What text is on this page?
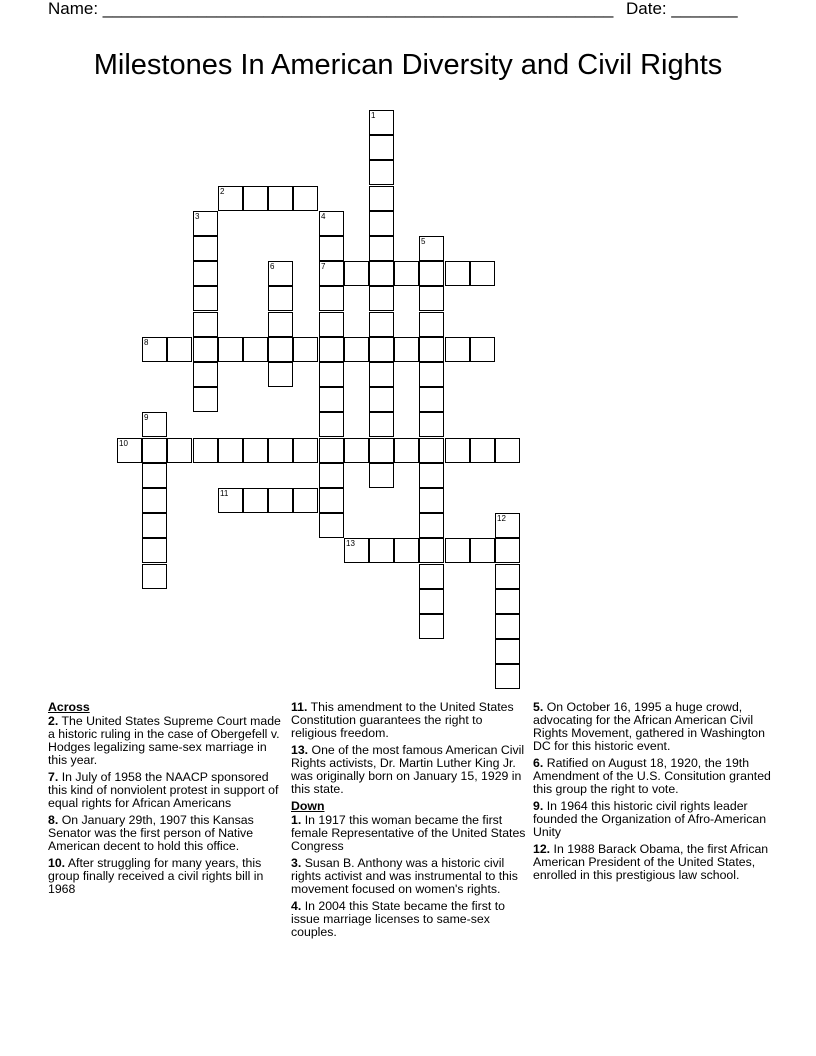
Name: ______________________________________________________ Date: _______
Milestones In American Diversity and Civil Rights
1
2
3	4
7
5
6
8
9
10
11
12
13
Across
2. The United States Supreme Court made a historic ruling in the case of Obergefell v. Hodges legalizing same-sex marriage in this year.
7. In July of 1958 the NAACP sponsored this kind of nonviolent protest in support of equal rights for African Americans
8. On January 29th, 1907 this Kansas Senator was the first person of Native American decent to hold this office.
10. After struggling for many years, this group finally received a civil rights bill in 1968
11. This amendment to the United States Constitution guarantees the right to religious freedom.
13. One of the most famous American Civil Rights activists, Dr. Martin Luther King Jr. was originally born on January 15, 1929 in this state.
Down
1. In 1917 this woman became the first female Representative of the United States Congress
3. Susan B. Anthony was a historic civil rights activist and was instrumental to this movement focused on women's rights.
4. In 2004 this State became the first to issue marriage licenses to same-sex couples.
5. On October 16, 1995 a huge crowd, advocating for the African American Civil Rights Movement, gathered in Washington DC for this historic event.
6. Ratified on August 18, 1920, the 19th Amendment of the U.S. Consitution granted this group the right to vote.
9. In 1964 this historic civil rights leader founded the Organization of Afro-American Unity
12. In 1988 Barack Obama, the first African American President of the United States, enrolled in this prestigious law school.
